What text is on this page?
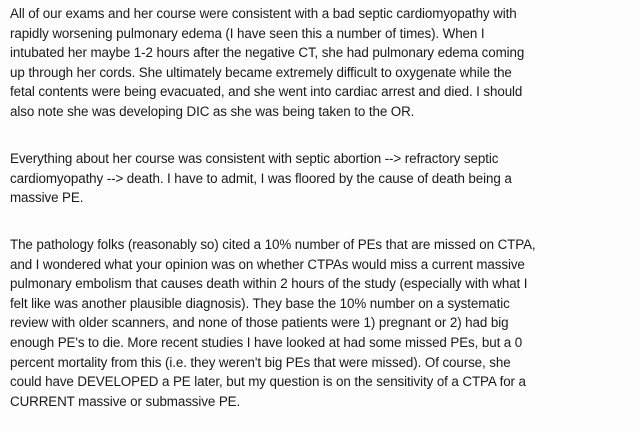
All of our exams and her course were consistent with a bad septic cardiomyopathy with
rapidly worsening pulmonary edema (I have seen this a number of times). When I
intubated her maybe 1-2 hours after the negative CT, she had pulmonary edema coming
up through her cords. She ultimately became extremely difficult to oxygenate while the
fetal contents were being evacuated, and she went into cardiac arrest and died. I should
also note she was developing DIC as she was being taken to the OR.

Everything about her course was consistent with septic abortion --> refractory septic
cardiomyopathy --> death. I have to admit, I was floored by the cause of death being a
massive PE.

The pathology folks (reasonably so) cited a 10% number of PEs that are missed on CTPA,
and I wondered what your opinion was on whether CTPAs would miss a current massive
pulmonary embolism that causes death within 2 hours of the study (especially with what I
felt like was another plausible diagnosis). They base the 10% number on a systematic
review with older scanners, and none of those patients were 1) pregnant or 2) had big
enough PE's to die. More recent studies I have looked at had some missed PEs, but a 0
percent mortality from this (i.e. they weren't big PEs that were missed). Of course, she
could have DEVELOPED a PE later, but my question is on the sensitivity of a CTPA for a
CURRENT massive or submassive PE.
